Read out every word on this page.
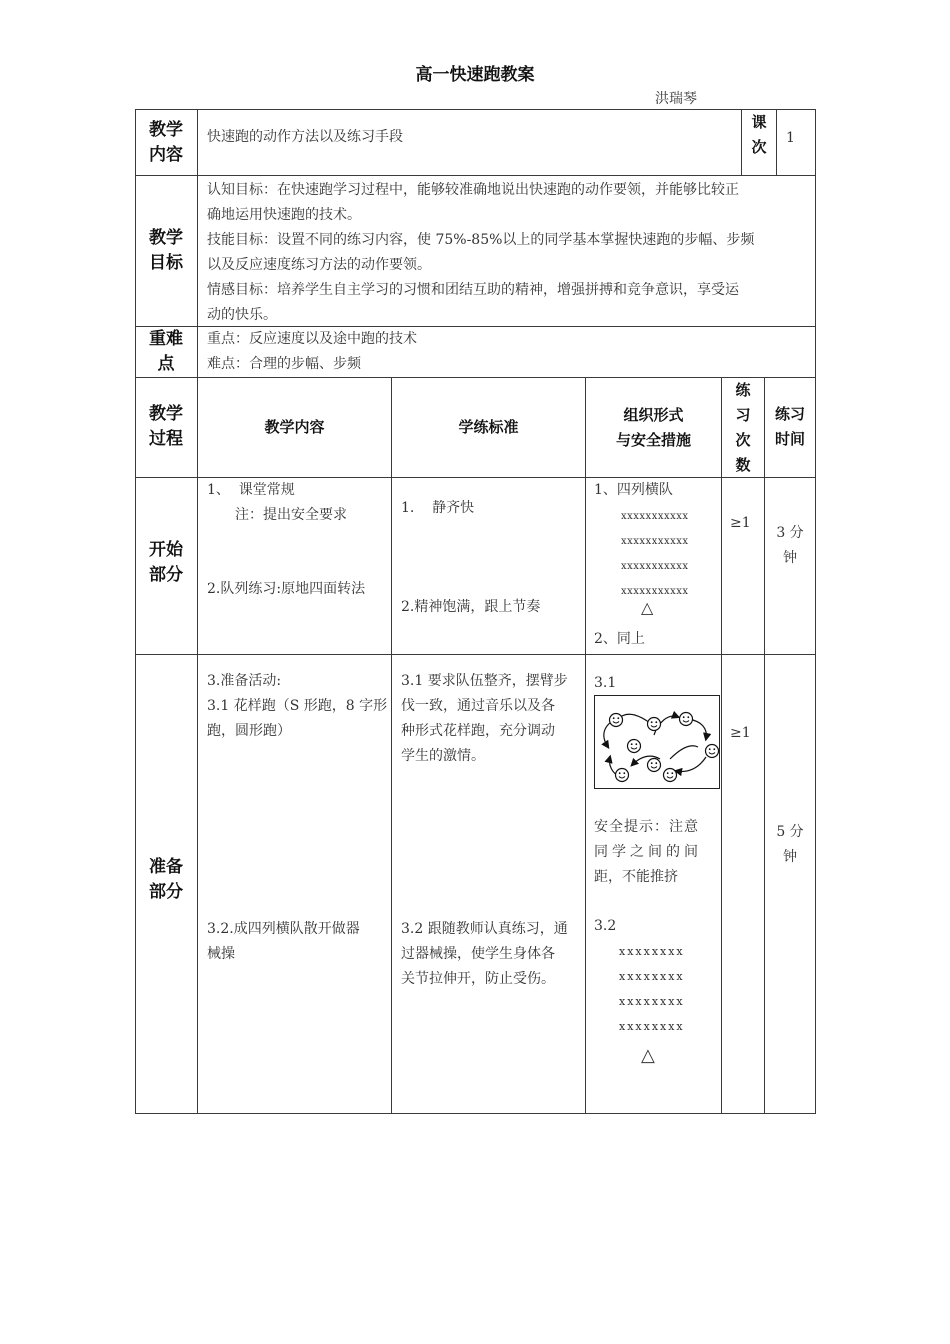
高一快速跑教案
洪瑞琴
教学内容
快速跑的动作方法以及练习手段
课次 1
教学目标
认知目标：在快速跑学习过程中，能够较准确地说出快速跑的动作要领，并能够比较正
确地运用快速跑的技术。
技能目标：设置不同的练习内容，使 75%-85%以上的同学基本掌握快速跑的步幅、步频
以及反应速度练习方法的动作要领。
情感目标：培养学生自主学习的习惯和团结互助的精神，增强拼搏和竞争意识，享受运
动的快乐。
重难点
重点：反应速度以及途中跑的技术
难点：合理的步幅、步频
教学过程
教学内容	学练标准
组织形式
与安全措施
练习次数
练习时间
开始部分
1、  课堂常规
注：提出安全要求
2.队列练习:原地四面转法
1.    静齐快
2.精神饱满，跟上节奏
1、四列横队
xxxxxxxxxxx
xxxxxxxxxxx
xxxxxxxxxxx
xxxxxxxxxxx
△
2、同上
≥1
3 分钟
准备部分
3.准备活动:
3.1 花样跑（S 形跑，8 字形
跑，圆形跑）
3.2.成四列横队散开做器
械操
3.1 要求队伍整齐，摆臂步
伐一致，通过音乐以及各
种形式花样跑，充分调动
学生的激情。
3.2 跟随教师认真练习，通
过器械操，使学生身体各
关节拉伸开，防止受伤。
3.1
安全提示：注意
同学之间的间
距，不能推挤
3.2
xxxxxxxx
xxxxxxxx
xxxxxxxx
xxxxxxxx
△
≥1
5 分钟
